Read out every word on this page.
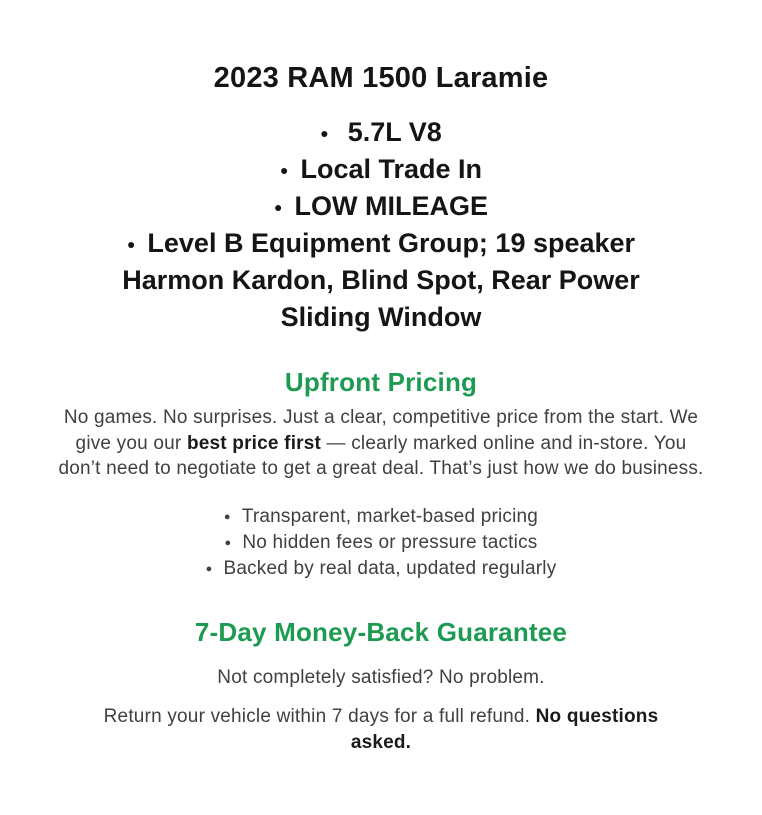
2023 RAM 1500 Laramie
● 5.7L V8
● Local Trade In
● LOW MILEAGE
● Level B Equipment Group; 19 speaker Harmon Kardon, Blind Spot, Rear Power Sliding Window
Upfront Pricing

No games. No surprises. Just a clear, competitive price from the start. We give you our best price first — clearly marked online and in-store. You don’t need to negotiate to get a great deal. That’s just how we do business.

● Transparent, market-based pricing
● No hidden fees or pressure tactics
● Backed by real data, updated regularly
7-Day Money-Back Guarantee

Not completely satisfied? No problem.

Return your vehicle within 7 days for a full refund. No questions asked.
